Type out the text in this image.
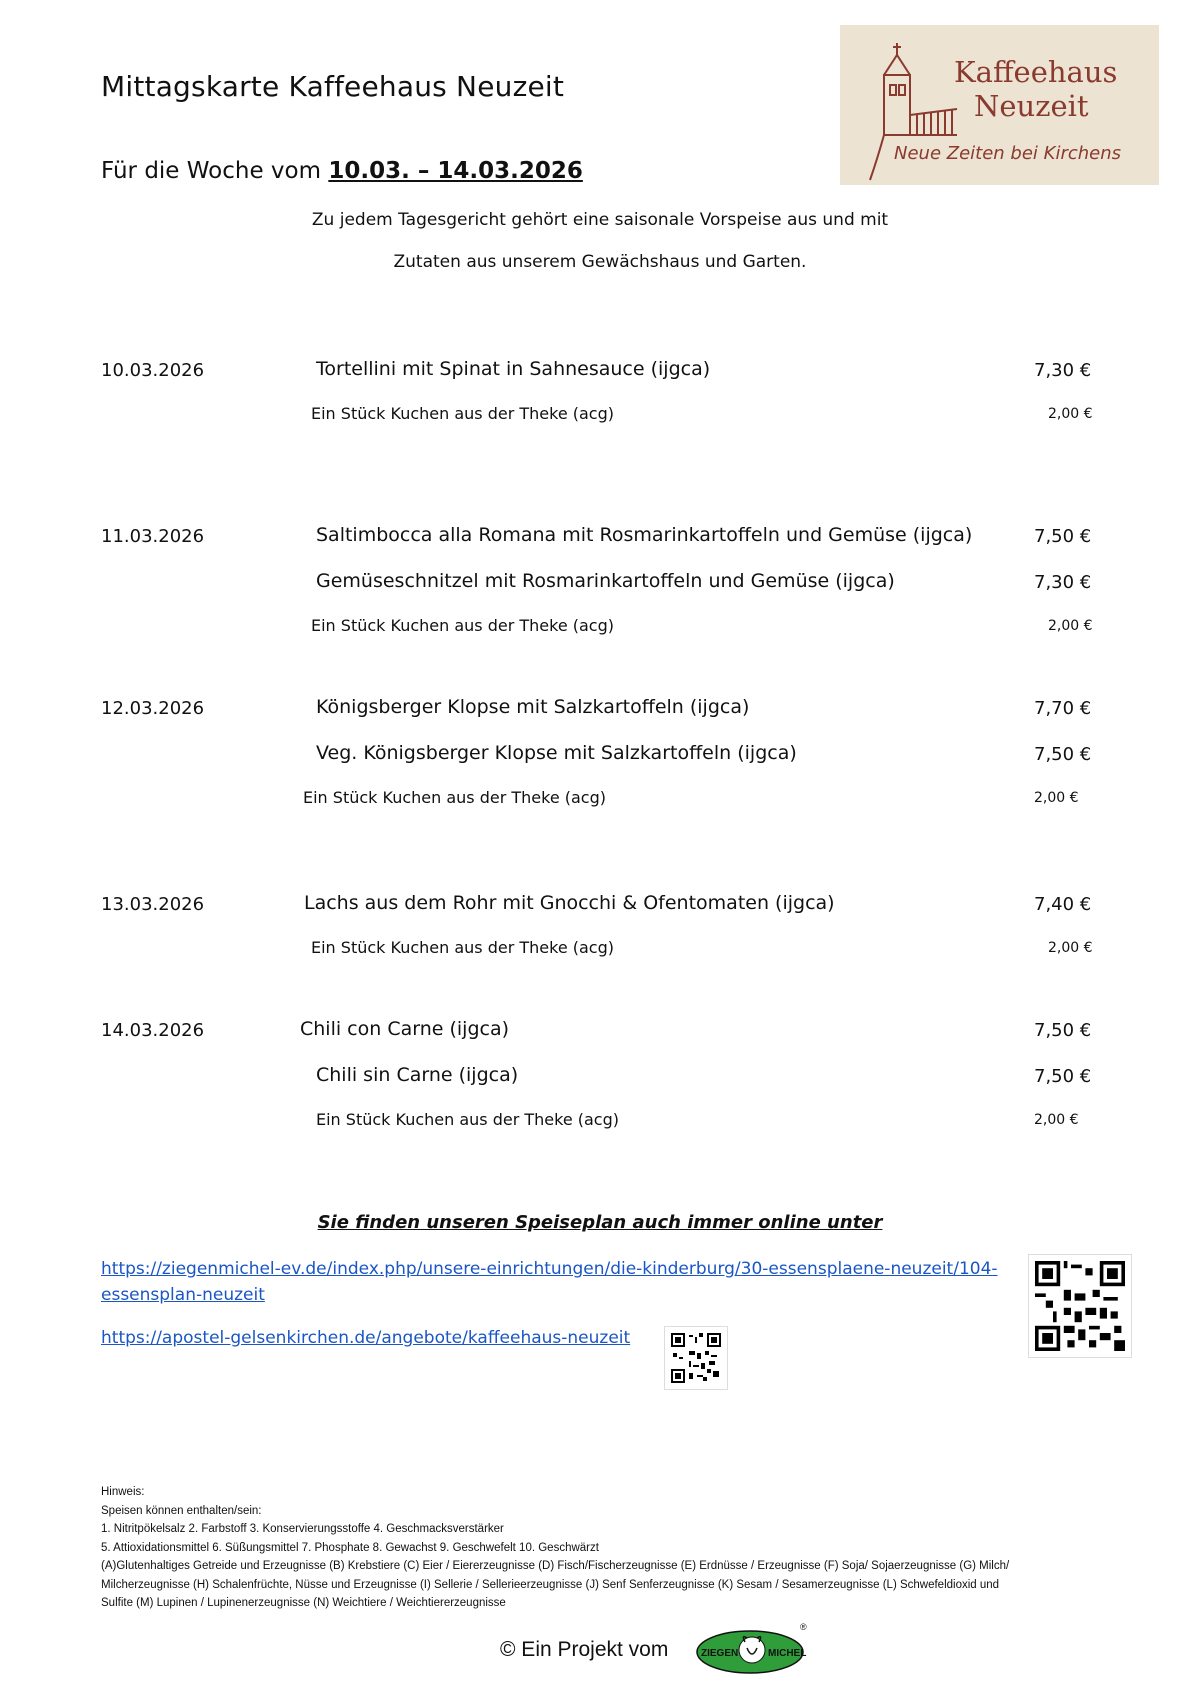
Mittagskarte Kaffeehaus Neuzeit
Für die Woche vom 10.03. – 14.03.2026
Kaffeehaus
Neuzeit
Neue Zeiten bei Kirchens
Zu jedem Tagesgericht gehört eine saisonale Vorspeise aus und mit
Zutaten aus unserem Gewächshaus und Garten.
10.03.2026	Tortellini mit Spinat in Sahnesauce (ijgca)	7,30 €
Ein Stück Kuchen aus der Theke (acg)	2,00 €
11.03.2026	Saltimbocca alla Romana mit Rosmarinkartoffeln und Gemüse (ijgca)	7,50 €
Gemüseschnitzel mit Rosmarinkartoffeln und Gemüse (ijgca)	7,30 €
Ein Stück Kuchen aus der Theke (acg)	2,00 €
12.03.2026	Königsberger Klopse mit Salzkartoffeln (ijgca)	7,70 €
Veg. Königsberger Klopse mit Salzkartoffeln (ijgca)	7,50 €
Ein Stück Kuchen aus der Theke (acg)	2,00 €
13.03.2026	Lachs aus dem Rohr mit Gnocchi & Ofentomaten (ijgca)	7,40 €
Ein Stück Kuchen aus der Theke (acg)	2,00 €
14.03.2026	Chili con Carne (ijgca)	7,50 €
Chili sin Carne (ijgca)	7,50 €
Ein Stück Kuchen aus der Theke (acg)	2,00 €
Sie finden unseren Speiseplan auch immer online unter
https://ziegenmichel-ev.de/index.php/unsere-einrichtungen/die-kinderburg/30-essensplaene-neuzeit/104-
essensplan-neuzeit
https://apostel-gelsenkirchen.de/angebote/kaffeehaus-neuzeit
Hinweis:
Speisen können enthalten/sein:
1. Nitritpökelsalz 2. Farbstoff 3. Konservierungsstoffe 4. Geschmacksverstärker
5. Attioxidationsmittel 6. Süßungsmittel 7. Phosphate 8. Gewachst 9. Geschwefelt 10. Geschwärzt
(A)Glutenhaltiges Getreide und Erzeugnisse (B) Krebstiere (C) Eier / Eiererzeugnisse (D) Fisch/Fischerzeugnisse (E) Erdnüsse / Erzeugnisse (F) Soja/ Sojaerzeugnisse (G) Milch/
Milcherzeugnisse (H) Schalenfrüchte, Nüsse und Erzeugnisse (I) Sellerie / Sellerieerzeugnisse (J) Senf Senferzeugnisse (K) Sesam / Sesamerzeugnisse (L) Schwefeldioxid und
Sulfite (M) Lupinen / Lupinenerzeugnisse (N) Weichtiere / Weichtiererzeugnisse
© Ein Projekt vom	ZIEGEN	MICHEL
®
